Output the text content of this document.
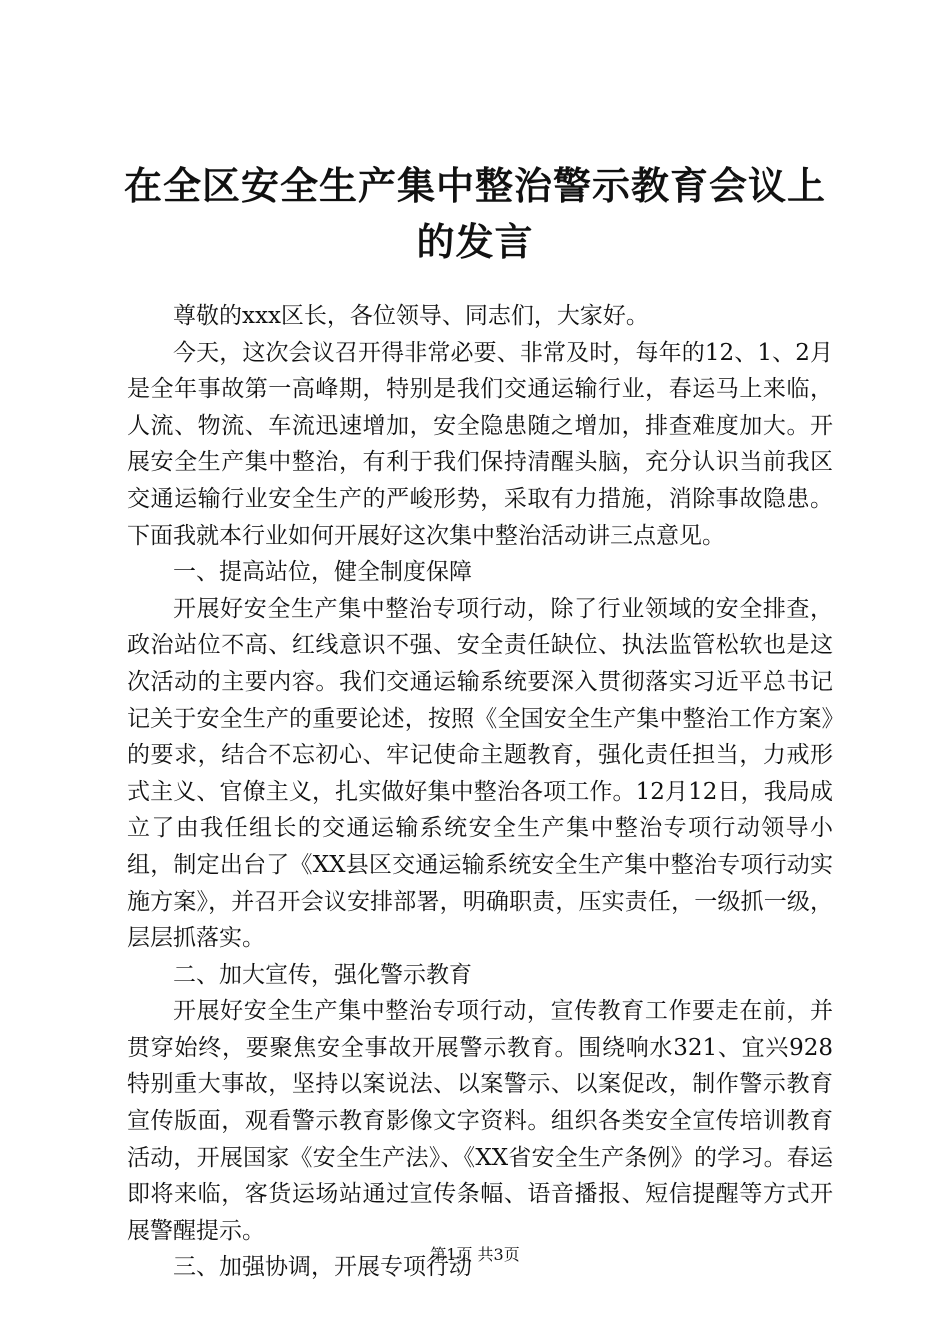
在全区安全生产集中整治警示教育会议上的发言

尊敬的xxx区长，各位领导、同志们，大家好。

今天，这次会议召开得非常必要、非常及时，每年的12、1、2月是全年事故第一高峰期，特别是我们交通运输行业，春运马上来临，人流、物流、车流迅速增加，安全隐患随之增加，排查难度加大。开展安全生产集中整治，有利于我们保持清醒头脑，充分认识当前我区交通运输行业安全生产的严峻形势，采取有力措施，消除事故隐患。下面我就本行业如何开展好这次集中整治活动讲三点意见。

一、提高站位，健全制度保障

开展好安全生产集中整治专项行动，除了行业领域的安全排查，政治站位不高、红线意识不强、安全责任缺位、执法监管松软也是这次活动的主要内容。我们交通运输系统要深入贯彻落实习近平总书记记关于安全生产的重要论述，按照《全国安全生产集中整治工作方案》的要求，结合不忘初心、牢记使命主题教育，强化责任担当，力戒形式主义、官僚主义，扎实做好集中整治各项工作。12月12日，我局成立了由我任组长的交通运输系统安全生产集中整治专项行动领导小组，制定出台了《XX县区交通运输系统安全生产集中整治专项行动实施方案》，并召开会议安排部署，明确职责，压实责任，一级抓一级，层层抓落实。

二、加大宣传，强化警示教育

开展好安全生产集中整治专项行动，宣传教育工作要走在前，并贯穿始终，要聚焦安全事故开展警示教育。围绕响水321、宜兴928特别重大事故，坚持以案说法、以案警示、以案促改，制作警示教育宣传版面，观看警示教育影像文字资料。组织各类安全宣传培训教育活动，开展国家《安全生产法》、《XX省安全生产条例》的学习。春运即将来临，客货运场站通过宣传条幅、语音播报、短信提醒等方式开展警醒提示。

三、加强协调，开展专项行动

第1页 共3页
